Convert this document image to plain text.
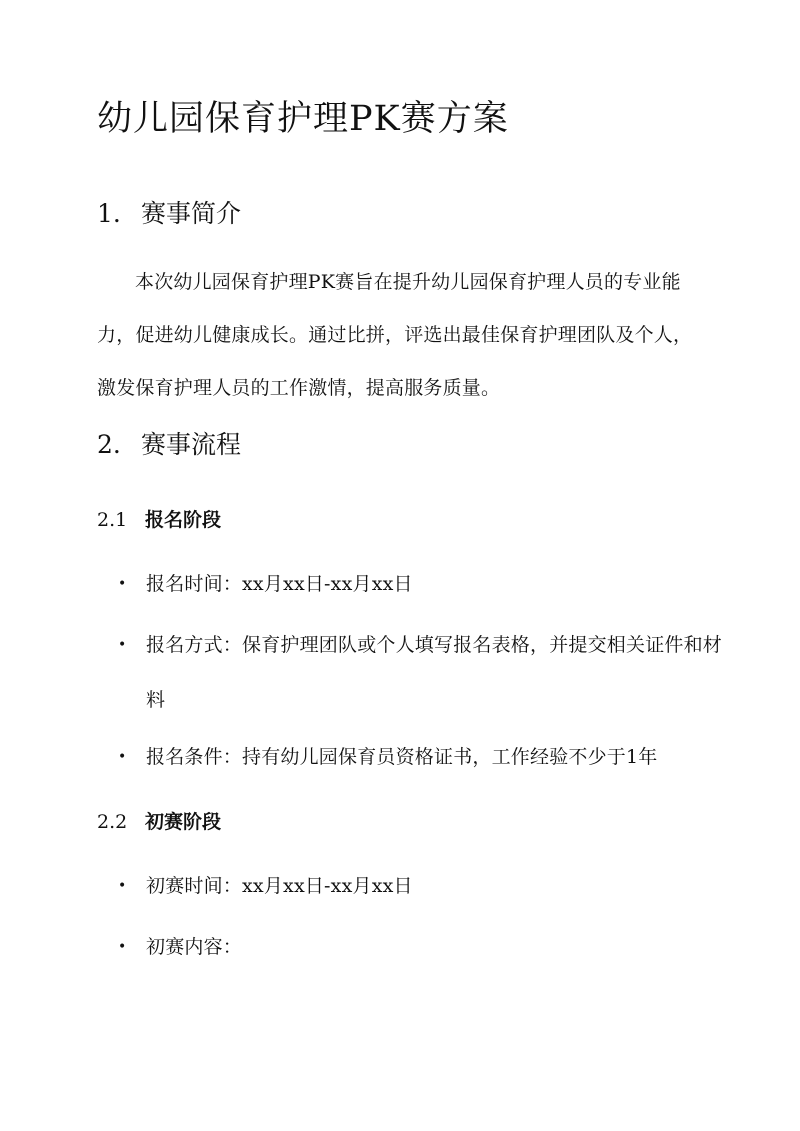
幼儿园保育护理PK赛方案
1. 赛事简介

本次幼儿园保育护理PK赛旨在提升幼儿园保育护理人员的专业能力，促进幼儿健康成长。通过比拼，评选出最佳保育护理团队及个人，激发保育护理人员的工作激情，提高服务质量。

2. 赛事流程
2.1 报名阶段
•	报名时间：xx月xx日-xx月xx日
•	报名方式：保育护理团队或个人填写报名表格，并提交相关证件和材料
•	报名条件：持有幼儿园保育员资格证书，工作经验不少于1年
2.2 初赛阶段
•	初赛时间：xx月xx日-xx月xx日
•	初赛内容：
